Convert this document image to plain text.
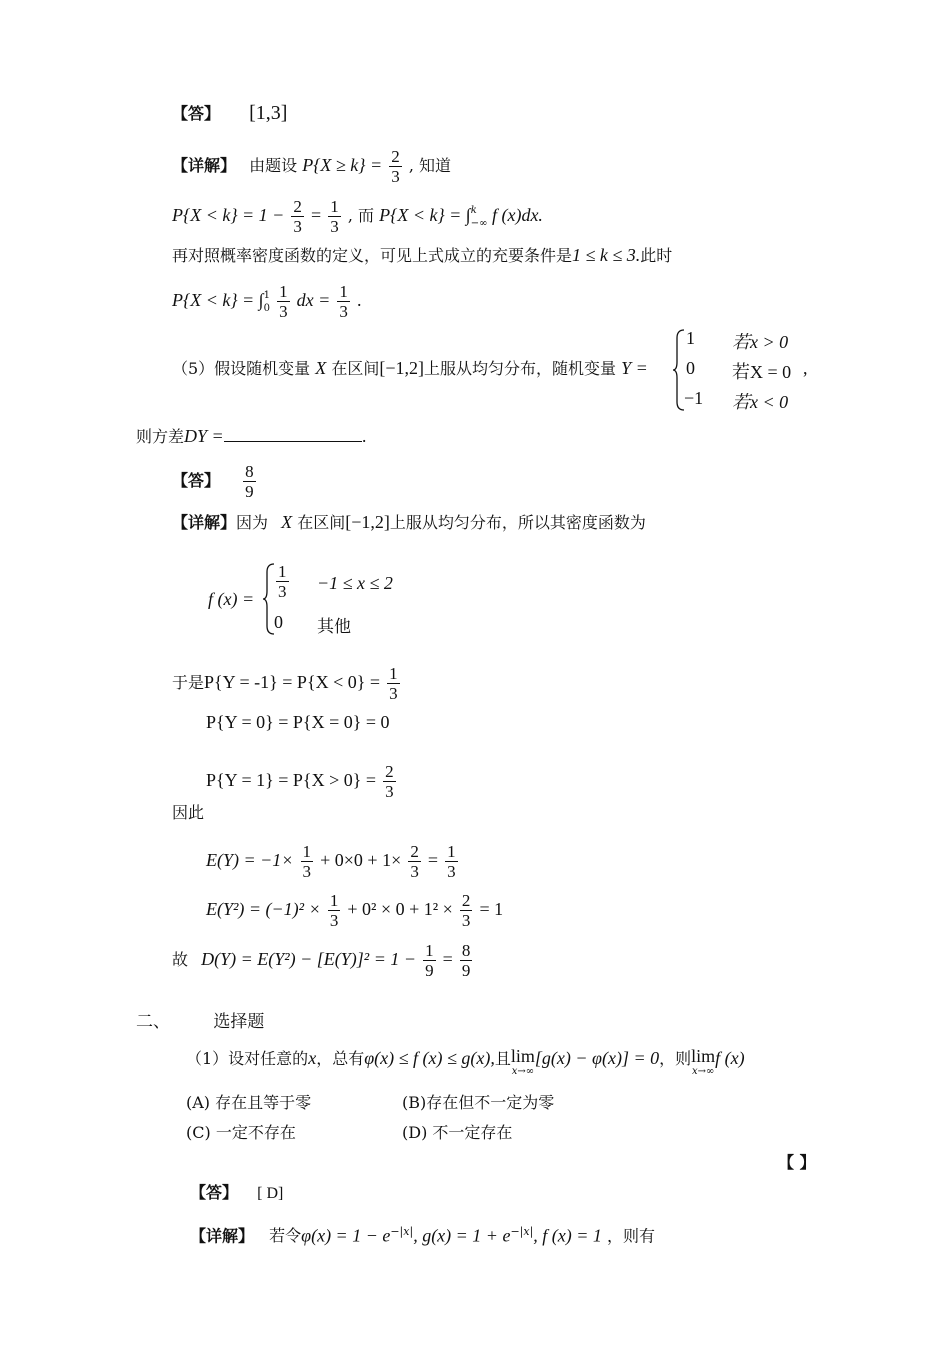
【答】 [1,3]
【详解】 由题设 $P\{X \ge k\} = \frac{2}{3}$ , 知道
$P\{X < k\} = 1 - \frac{2}{3} = \frac{1}{3}$ , 而 P{X < k} = ∫ k
−∞ f (x)dx.
再对照概率密度函数的定义，可见上式成立的充要条件是1 ≤ k ≤ 3.此时
P{X < k} = ∫ 1
0
$\frac{1}{3}$ dx = $\frac{1}{3}$ .
（5）假设随机变量 X 在区间[−1,2]上服从均匀分布，随机变量 Y =
1 若x > 0
0 若X = 0 ,
−1 若x < 0
则方差DY =	.
【答】 $\frac{8}{9}$
【详解】因为 X 在区间[−1,2]上服从均匀分布，所以其密度函数为
f $(x) = \frac{1}{3} -1 \le x \le 2$
0 其他
于是$P\{Y = -1\} = P\{X < 0\} = \frac{1}{3}$
P{Y = 0} = P{X = 0} = 0
$P\{Y = 1\} = P\{X > 0\} = \frac{2}{3}$
因此
$E(Y) = -1\times \frac{1}{3} + 0\times 0 + 1\times \frac{2}{3} = \frac{1}{3}$
$E(Y^2) = (-1)^2 \times \frac{1}{3} + 0^2 \times 0 + 1^2 \times \frac{2}{3} = 1$
故 $D(Y) = E(Y^2) - [E(Y)]^2 = 1 - \frac{1}{9} = \frac{8}{9}$
二、	选择题
（1）设对任意的x，总有φ(x) ≤ f (x) ≤ g(x),且 lim
x→∞
[g(x) − φ(x)] = 0，则 lim
x→∞
f (x)
(A) 存在且等于零	(B)存在但不一定为零
(C) 一定不存在	(D) 不一定存在
【 】
【答】 [ D]
【详解】 若令$\varphi(x) = 1 - e^{-|x|}$, $g(x) = 1 + e^{-|x|}$, f (x) = 1 ，则有
